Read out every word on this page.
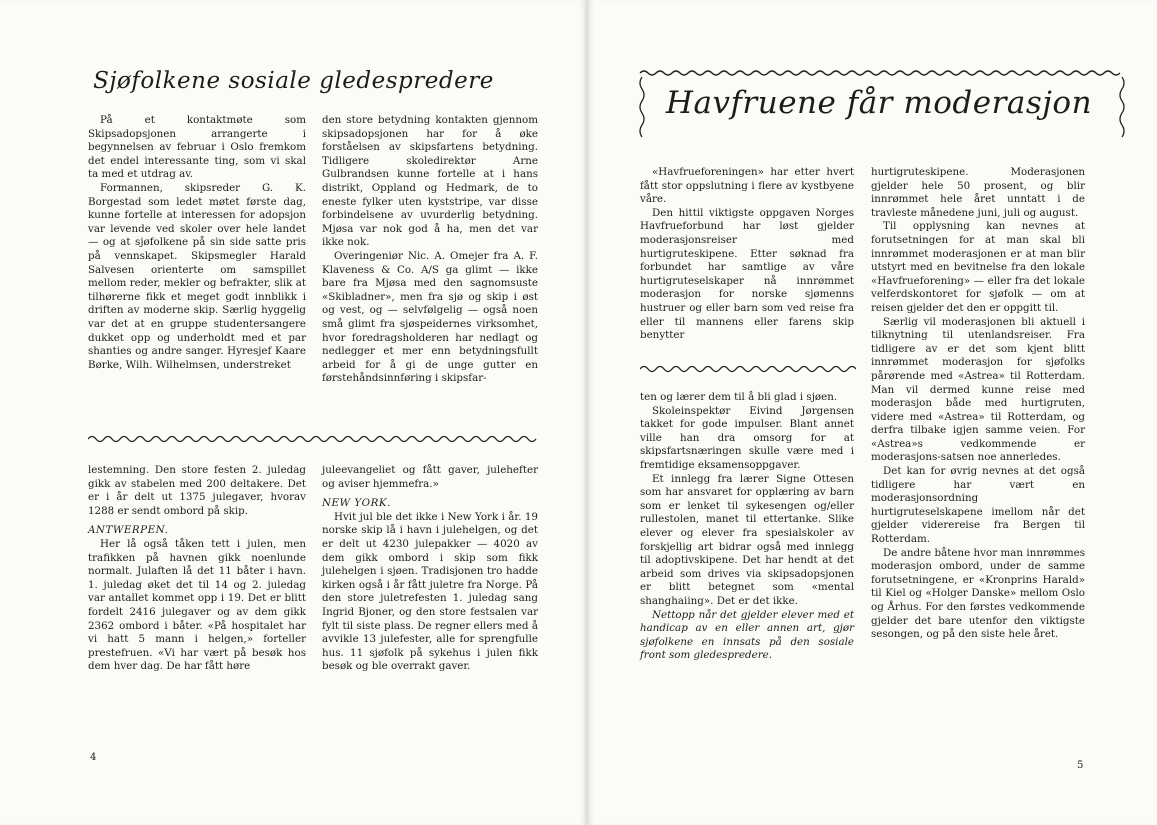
Sjøfolkene sosiale gledespredere

På et kontaktmøte som Skipsadopsjonen arrangerte i begynnelsen av februar i Oslo fremkom det endel interessante ting, som vi skal ta med et utdrag av.

Formannen, skipsreder G. K. Borgestad som ledet møtet første dag, kunne fortelle at interessen for adopsjon var levende ved skoler over hele landet — og at sjøfolkene på sin side satte pris på vennskapet. Skipsmegler Harald Salvesen orienterte om samspillet mellom reder, mekler og befrakter, slik at tilhørerne fikk et meget godt innblikk i driften av moderne skip. Særlig hyggelig var det at en gruppe studentersangere dukket opp og underholdt med et par shanties og andre sanger. Hyresjef Kaare Børke, Wilh. Wilhelmsen, understreket

den store betydning kontakten gjennom skipsadopsjonen har for å øke forståelsen av skipsfartens betydning. Tidligere skoledirektør Arne Gulbrandsen kunne fortelle at i hans distrikt, Oppland og Hedmark, de to eneste fylker uten kyststripe, var disse forbindelsene av uvurderlig betydning. Mjøsa var nok god å ha, men det var ikke nok.

Overingeniør Nic. A. Omejer fra A. F. Klaveness & Co. A/S ga glimt — ikke bare fra Mjøsa med den sagnomsuste «Skibladner», men fra sjø og skip i øst og vest, og — selvfølgelig — også noen små glimt fra sjøspeidernes virksomhet, hvor foredragsholderen har nedlagt og nedlegger et mer enn betydningsfullt arbeid for å gi de unge gutter en førstehåndsinnføring i skipsfar-

lestemning. Den store festen 2. juledag gikk av stabelen med 200 deltakere. Det er i år delt ut 1375 julegaver, hvorav 1288 er sendt ombord på skip.

ANTWERPEN.

Her lå også tåken tett i julen, men trafikken på havnen gikk noenlunde normalt. Julaften lå det 11 båter i havn. 1. juledag øket det til 14 og 2. juledag var antallet kommet opp i 19. Det er blitt fordelt 2416 julegaver og av dem gikk 2362 ombord i båter. «På hospitalet har vi hatt 5 mann i helgen,» forteller prestefruen. «Vi har vært på besøk hos dem hver dag. De har fått høre

juleevangeliet og fått gaver, julehefter og aviser hjemmefra.»

NEW YORK.

Hvit jul ble det ikke i New York i år. 19 norske skip lå i havn i julehelgen, og det er delt ut 4230 julepakker — 4020 av dem gikk ombord i skip som fikk julehelgen i sjøen. Tradisjonen tro hadde kirken også i år fått juletre fra Norge. På den store juletrefesten 1. juledag sang Ingrid Bjoner, og den store festsalen var fylt til siste plass. De regner ellers med å avvikle 13 julefester, alle for sprengfulle hus. 11 sjøfolk på sykehus i julen fikk besøk og ble overrakt gaver.

4
Havfruene får moderasjon

«Havfrueforeningen» har etter hvert fått stor oppslutning i flere av kystbyene våre.

Den hittil viktigste oppgaven Norges Havfrueforbund har løst gjelder moderasjonsreiser med hurtigruteskipene. Etter søknad fra forbundet har samtlige av våre hurtigruteselskaper nå innrømmet moderasjon for norske sjømenns hustruer og eller barn som ved reise fra eller til mannens eller farens skip benytter

ten og lærer dem til å bli glad i sjøen.

Skoleinspektør Eivind Jørgensen takket for gode impulser. Blant annet ville han dra omsorg for at skipsfartsnæringen skulle være med i fremtidige eksamensoppgaver.

Et innlegg fra lærer Signe Ottesen som har ansvaret for opplæring av barn som er lenket til sykesengen og/eller rullestolen, manet til ettertanke. Slike elever og elever fra spesialskoler av forskjellig art bidrar også med innlegg til adoptivskipene. Det har hendt at det arbeid som drives via skipsadopsjonen er blitt betegnet som «mental shanghaiing». Det er det ikke.

Nettopp når det gjelder elever med et handicap av en eller annen art, gjør sjøfolkene en innsats på den sosiale front som gledespredere.

hurtigruteskipene. Moderasjonen gjelder hele 50 prosent, og blir innrømmet hele året unntatt i de travleste månedene juni, juli og august.

Til opplysning kan nevnes at forutsetningen for at man skal bli innrømmet moderasjonen er at man blir utstyrt med en bevitnelse fra den lokale «Havfrueforening» — eller fra det lokale velferdskontoret for sjøfolk — om at reisen gjelder det den er oppgitt til.

Særlig vil moderasjonen bli aktuell i tilknytning til utenlandsreiser. Fra tidligere av er det som kjent blitt innrømmet moderasjon for sjøfolks pårørende med «Astrea» til Rotterdam. Man vil dermed kunne reise med moderasjon både med hurtigruten, videre med «Astrea» til Rotterdam, og derfra tilbake igjen samme veien. For «Astrea»s vedkommende er moderasjons-satsen noe annerledes.

Det kan for øvrig nevnes at det også tidligere har vært en moderasjonsordning hurtigruteselskapene imellom når det gjelder viderereise fra Bergen til Rotterdam.

De andre båtene hvor man innrømmes moderasjon ombord, under de samme forutsetningene, er «Kronprins Harald» til Kiel og «Holger Danske» mellom Oslo og Århus. For den førstes vedkommende gjelder det bare utenfor den viktigste sesongen, og på den siste hele året.

5
